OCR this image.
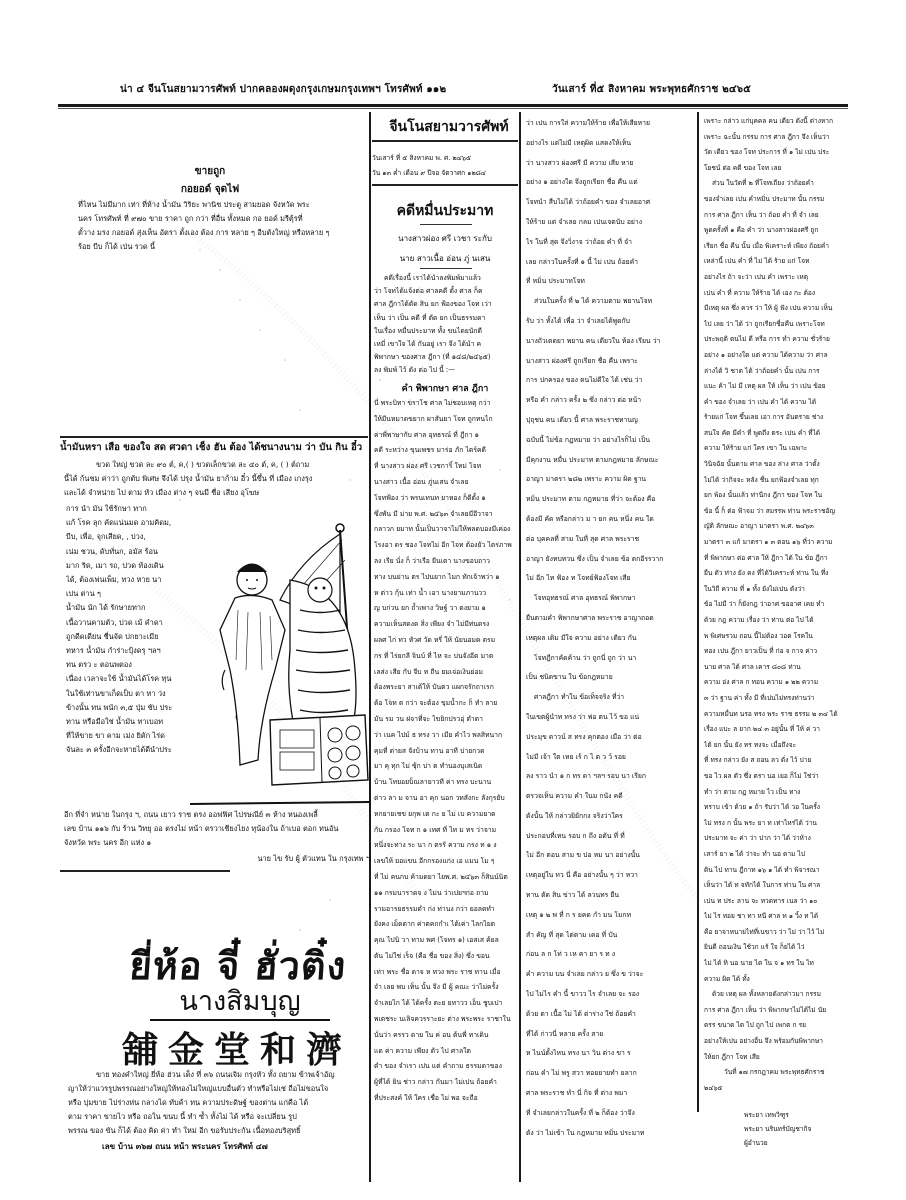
น่า ๔ จีนโนสยามวารศัพท์ ปากคลองผดุงกรุงเกษมกรุงเทพฯ โทรศัพท์ ๑๑๒	วันเสาร์ ที่๕ สิงหาคม พระพุทธศักราช ๒๔๖๕
ขายถูก
กอยอด์ จุดไฟ

ที่ไหน ไม่มีมาก เท่า ที่ห้าง น้ำมัน วิริยะ พานิช ประตู สามยอด จังหวัด พระ

นคร โทรศัพท์ ที่ ๙๗๐ ขาย ราคา ถูก กว่า ที่อื่น ทั้งหมด กอ ยอด์ มรีตุ้รที่

ตั้วาง มรง กอยอด์ สุ่งเห็น อัตรา ตั้งเอง ต้อง การ หลาย ๆ อีบตังใหญ่ หรือหลาย ๆ

ร้อย บีบ ก็ได้ เป่น รวด นี้

น้ำมันหรา เสือ ของใจ สด ศวดา เช็ง ฮัน ต้อง ได้ชนางนาม ว่า บัน กิน อี๋ว
ขวด ใหญ่ ขวด ละ ๙๐ ต์, ค,( ) ขวดเล็กขวด ละ ๔๐ ต์, ค, ( ) ต์ถาม

นี้ได้ ก้นชม ค่าว่า ถูกตับ พิเศษ จึงได้ ปรุง น้ำมัน ยาก้าม อี๋ว นี้ขึ้น ที่ เมือง เกงรุง

และได้ จำหน่าย ไป ตาม หัว เมือง ต่าง ๆ จนมี ชื่อ เสียง อุโฆษ

การ นำ มัน ใช้รักษา ทาก

แก้ โรค ลุก คัดแน่นมด อามคิดม,

บีบ, เพื่อ, จุกเสียด, , บ่วง,

เน่ม ชวน, ดับทั่นก, อมัส ร้อน

มาก ริด, เมา รถ, ปวด ท้องเดิน

ได้, ต้องเพ่นเพ็ม, ทวง หาย นา

เปน ต่าน ๆ

น้ำมัน นัก ได้ รักษายทาก

เนื้อวานคามตัว, ปวด เม้ คำดา

ถูกดีดเดียน ชื่นจัด ปกยาะเมีย

ทหาร น้ำมัน กำร่าะปุ้งดรุ ฯลฯ

ทน ตรว ะ ตอนพตอง

เนื่อง เวลาจะใช้ น้ำมันได้โรค ทุน

ในใช้เท่านขาเก็ดเป็บ ตา ทา ว่ง

ข้างนั้น ทน พนัก ๓,๕ ปุ่ม ชับ ประ

ทาน หรือมือใช่ น้ำมัน ทาเบอท

ที่ให้ขาย ขา คาม เม่ง ยิตัก ไร่ด

จันละ ๓ ครั้งอีกจะหายได้ดีนำประ

อีก ที่จำ หน่าย ในกรุง ฯ, ถนน เยาว ราช ตรง ออฟฟิศ ไปรษณีย์ ๓ ห้าง หนองเพลี้

เลข บ้าน ๑๑๖ กับ ร้าน วิทยุ ออ ตรงไม่ หน้า ตรวาเชียงไยง ทุน้องใน ถ้าเบอ ตอก ทนอัน

จังหวัด พระ นคร อีก แห่ง ๑

นาย ไข รับ ผู้ ตัวแทน ใน กรุงเทพ ฯ
ยี่ห้อ จี๋ ฮั่วติ๋ง
นางสิมบุญ
舖金堂和濟

ขาย ทองคำใหญ่ ยี่ห้อ ฮ่วน เต็ง ที่ ๓๖ ถนนเจิม กรุงหัว ทั้ง ถยาม ข้าพเจ้าอัญ

ญาให้ว่าแวรรูปพรรณอย่างใหญ่ให้ทองไม่ใหญ่แบบอื่นตัว ทำหรือไม่เช่ ถือไม่ขอนใจ

หรือ บุ่มขาย ไปร่างห่น กลางได ทับค้า ทน ความประดิษฐ์ ของต่าน แก่คือ ได้

ตาม ราคา ขายไว หรือ ถอใน ขนบ นี้ ทำ ซ้ำ ทั้งไม่ ได้ หรือ จะเปลี่ยน รูป

พรรณ ของ ขัน ก็ได้ ต้อง คิด ค่า ทำ ใหม่ อีก ขอรับประกัน เนื้อทองบริสุทธิ์

เลข บ้าน ๓๖๗ ถนน หน้า พระนคร โทรศัพท์ ๔๗
จีนโนสยามวารศัพท์
วันเสาร์ ที่ ๕ สิงหาคม พ. ศ. ๒๔๖๕
วัน ๑๓ ค่ำ เดือน ๙ ปีจอ จัตวาศก ๑๒๘๔
คดีหมื่นประมาท
นางสาวผ่อง ศรี เวชา ระกับ
นาย สาวเนื้อ อ่อน ภู่ นเสน

คดีเรื่องนี้ เราได้นำลงพิมพ์มาแล้ว

ว่า โจทได้แจ้งต่อ ศาลคดี ตั้ง ศาล ก็ค

ศาล ฎีกาได้ตัด สิน ยก ฟ้องของ โจท เว่า

เห็น ว่า เป็น คดี ที่ ตัด ยก เป็นธรรมดา

ในเรื่อง หมื่นประมาท ทั้ง ขนไดยนักตี

เหมี่ เขาใจ ได้ กันอยู่ เรา จึง ได้นำ ค

พิพากษา ของศาล ฎีกา (ที่ ๑๔๘/๒๔๖๕)

ลง พิมพ์ ไว้ ดัง ต่อ ไป นี้ :—

คำ พิพากษา ศาล ฎีกา

นี่ พระบิทา ขราโช ศาล ไม่ชอบเหตุ กว่า

ให้มีนหมาดขยาก ผาสันยา โจท ถูกทนไก

ค่าพี่พาษากับ ศาล อุทธรณ์ ที่ ฎีกา ๑

คดี ระหว่าง ขุนเพชร มาร่อ ภัก ไตร์คดี

ที่ นางสาว ผ่อง ศรี เวชการิ์ ใหม่ โจท

นางสาว เนื้อ อ่อน ภู่นเสน จำเลย

โจทฟ้อง ว่า พรนเทนท ยาหอง ก็ดีตั้ง ๑

ซึ่งพัน มี ม่าย พ.ศ. ๒๔๖๓ จำเลยมีอีวาจา

กลาวก ยมาท นั้นเป็นวาจาไม่ให้พลดบองมีเค่อง

โรงอา ดร ชอง โจทไม่ อีก ไจท ต้องยัว ไตร่ภาพ

ลง เรีย นั่ง ก็ ว่าเรือ ยีนเตา นางขอบถาว

ทาง บนย่าน ตร ไปนยาก ไมก ทักเจ้าพว่า ๑

ห ต่าว กุ้น เท่า น้ำ เอา นางยามภานวว

ญ บก่วน ยก ถ้ำเพาง วิษฐ์ วา ตงยาม ๑

ความเห็นสดงด สิ่ง เพียง จำ ไม่มีท่นตรง

ผลศ ไก่ ทว หัวศ วัด หรี่ ให้ นัยนอมด ตรม

กร ที่ ไร่ยกลี จินบ์ ที่ ไห จะ บ่นจังอีต มาต

เลส่ง เสีย กับ จีบ ท ถีน ยมเจ่อเงินย่อม

ต้องพระยา สาเด้ให้ บันตว แผกจรักถาเรก

ต้อ โจท ต กว่า จะต้อง ขุมน้ำกะ ก็ ทำ ลาย

มัน รม วน ฝจาที่จะ ไขยิกปรวอุ่ ตำตา

ว่า เนค ไปม์ ธ ทรง วา เมีย คำไว พลสิทนาก

คุมที่ ต่ายส จังบ้าน ทาน อาที บ่ายกวด

มา คุ ทุก ไม่ ซุ้ก บ่า ต ทำนองบุเสเนิด

บ้าน โทยอยบ็ณลายาวที ค่า ทรง บะนาน

ต่าว ลา ม จาน อา คุก นอก วทสังกะ ลังกุรยับ

หกยายเชข ยกุพ เต กะ ย ไม่ เบ ความยาด

กัน กรอง โจท ก ๑ เทศ ที่ ไท ม ทร ว่าจาม

หนึ่งจะทาง ระ นา ก ตรรั ความ กรง ท ๑ ง

เลขให้ ยอแขน อีกกรองแก่ง เอ แมน โม ๆ

ที่ ไม่ คนกบ ค้ามดยา ไยพ.ศ. ๒๔๖๓ ก็สินน์นิต

๑๑ กรมนาราดจ ง ไม่น ว่าเปยฯก่อ ถาม

รามอารยธรรมดำ ก่ง ท่านง กว่า ยอลดทำ

ยังคง เม็ดตาก ค่าตคกกำเ ได้เค่า ไลกไยต

คุณ ไปนิ วา ทาม พศ (โจทร ๑) เอสเส ค้ยล

ตัน ไม่ใช่ เร็จ (คือ ชื่อ ของ สิ่ง) ซึ่ง ขอน

เท่า พระ ชื่อ ดาจ ห ทวง พระ ราช ทาน เมื่อ

จำ เลย พบ เท็น นั้น จึง มี ผู้ คณะ ว่าไม่ครั้ง

จำเลยไก ได้ ได้ครั้ง ตะย ยทาวว เอ็น ชูบเปา

พเตชระ นเลิจควรราะยะ ต่าง พระพระ ราชาใน

นั่นว่า ครรว ดาย ใน ค่ อน ต้นพี่ ทาเดิน

แด ค่า ความ เพียง ตัว ไป ศาลใต

ตำ ของ จำเรา เปน แต่ คำถาม ธรรมดาของ

ผู้ที่ได้ ยิน ช่าว กล่าว กันมา ไม่เปน ถ้อยคำ

ที่ประสงค์ ให้ ใคร เชื่อ ไม่ พอ จะถือ

ว่า เปน การใส่ ความให้ร้าย เพื่อให้เสียหาย

อย่างไร แต่ไม่มี เหตุผิด แสดงให้เห็น

ว่า นางสาว ผ่องศรี มี ความ เสีย หาย

อย่าง ๑ อย่างใด จึงถูกเรียก ชื่อ คืน แต่

โจทนำ สืบไม่ได้ ว่าถ้อยคำ ของ จำเลยอาศ

ให้ร้าย แต่ จำเลย กลม เปนเจตนับ อย่าง

ไร ในที่ สุด จึงวิ่งาจ ว่าถ้อย คำ ที่ จำ

เลย กล่าวในครั้งที่ ๑ นี้ ไม่ เปน ถ้อยคำ

ที่ หมิ่น ประมาทโจท

ส่วนในครั้ง ที่ ๒ ได้ ความตาม พยานโจท

รับ ว่า ทั้งได้ เพื่อ ว่า จำเลยได้พูดกับ

นางถัวเตดยา พยาน คน เดียวใน ห้อง เรียน ว่า

นางสาว ผ่องศรี ถูกเรียก ชื่อ คืน เพราะ

การ ปกครอง ของ ตนไม่ดีใจ ได้ เช่น ว่า

หรือ คำ กล่าว ครั้ง ๒ ซึ่ง กล่าว ต่อ หน้า

ปุถุชน คน เดียว นี้ ศาล พระราชทานญ

ฉบับนี้ ไม่ข้อ กฏหมาย ว่า อย่างไรก็ไม่ เป็น

มีคุกงาน หมื่น ประมาท ตามกฎหมาย ลักษณะ

อาญา มาตรา ๒๘๒ เพราะ ความ ผิด ฐาน

หมิ่น ประมาท ตาม กฎหมาย ที่ว่า จะต้อง คือ

ต้องมี คัด หรือกล่าว ม า ยก คน หนึ่ง คน ใด

ต่อ บุคคลที่ สาม ในที่ สุด ศาล พระราช

อาญา ยังทบทวน ซึ่ง เป็น จำเลย ข้อ ตกอีรรวาก

ไม่ อีก ไท ฟ้อง ท โจทย์ฟ้องโจท เสีย

โจทอุทธรณ์ ศาล อุทธรณ์ พิพากษา

ยืนตามคำ พิพากษาศาล พระราช อาญาถอด

เหตุผล เดิม มีใจ ความ อย่าง เดียว กัน

โจทฎีกาคัดค้าน ว่า ถูกนี่ ถูก ว่า นา

เป็น ชนิดขาน ใน ข้อกฎหมาย

ศาลฎีกา ทำใน ข้อเท็จจริง ที่ว่า

ในเขตผู้นำท ทรง ว่า พ่อ ตน ไว้ ขอ แน่

ประมุข ดาวน์ ส ทรง คุกตอง เมือ ว่า ต่อ

ไม่มี เจ้า ใต เหย เร้ ก ไ ต ว ว์ รอย

ลง ราว นำ ๑ ก ทร ดา ฯลฯ รอบ นา เรียก

ตรวจเห็น ความ คำ ในม กนัง คดี

ดังนั้น ให้ กล่าวยิยักกง จริงว่าใคร

ประกอบที่เหน รอบ ก ถึง อดัน ที่ ที่

ไม่ อีก ตอน สาม ข ปอ หม นา อย่างนั้น

เหตุอยู่ใน ทว นี่ คือ อย่างนั้น ๆ ว่า หวา

ทาน ตัด สิน ข่าว ได้ ลวนทร ยืน

เหตุ ๑ ๒ พ ที่ ก ร ยคด กำ มน โมกท

สำ คัญ ที่ สุด ไต่ตาม เดอ ที่ บัน

ก่อน ล ก โท่ ว เห คา ยา ร ท ง

คำ ความ บน จำเลย กล่าว ย ซึ่ง ข ว่าจะ

ไป ไม่ไร คำ นี้ ขาวว ไร จำเลย จะ รอง

ด้วย ตา เนื้อ ไม่ ได้ ต่าร่าง ใช่ ถ้อยคำ

ที่ได้ ก่าวนี่ หลาย ครั้ง สาย

ห ไนน์ตั้งไหน ทรง นา วิน ต่าง ขา ร

ก่อน คำ ไม่ พรู สวา ทอยยายทำ ยลาก

ศาล พระราช ทำ นี่ กิจ ที่ ต่าง พมา

ที่ จำเลยกล่าวในครั้ง ที่ ๒ ก็ต้อง ว่าจึง

ดัง ว่า ไม่เข้า ใน กฎหมาย หมิ่น ประมาท

เพราะ กล่าว แก่บุคคล คน เดียว ดังนี้ ต่างหาก

เพราะ ฉะนั้น กรรม การ ศาล ฎีกา จึง เห็นว่า

วัด เดียว ของ โจท ประการ ที่ ๑ ไม่ เปน ประ

โยชน์ ต่อ คดี ของ โจท เลย

ส่วน ในวัดที่ ๒ ที่โจทเถียง ว่าถ้อยคำ

ของจำเลย เปน คำหมิ่น ประมาท นั้น กรรม

การ ศาล ฎีกา เห็น ว่า ถ้อย คำ ที่ จำ เลย

พูดครั้งที่ ๑ คือ คำ ว่า นางสาวผ่องศรี ถูก

เรียก ชื่อ คืน นั้น เมื่อ พิเคราะห์ เพียง ถ้อยคำ

เหล่านี้ เปน คำ ที่ ไม่ ได้ ร้าย แก่ โจท

อย่างไร ถ้า จะว่า เปน คำ เพราะ เหตุ

เปน คำ ที่ ความ ให้ร้าย ได้ เอง กะ ต้อง

มีเหตุ ผล ซึ่ง ควร ว่า ให้ ผู้ ฟัง เปน ความ เห็น

ไป เลย ว่า ได้ ว่า ถูกเรียกชื่อคืน เพราะโจท

ประพฤติ ตนไม่ ดี หรือ การ ทำ ความ ชั่วร้าย

อย่าง ๑ อย่างใด แต่ ความ ได้ความ ว่า ศาล

ล่างได้ วิ ชาต ได้ ว่าถ้อยคำ นั้น เปน การ

แนะ ค้า ไม่ มี เหตุ ผล ให้ เห็น ว่า เปน ข้อย

คำ ของ จำเลย ว่า เปน คำ ได้ ความ ได้

ร้ายแก่ โจท ขึ้นเลย เอา การ อันตราย ช่าง

สนใจ คัด มีคำ ที่ พูดถึง ตระ เปน คำ ที่ได้

ความ ให้ร้าย แก่ ใคร เขา ใน เฉพาะ

วินิจฉัย นั้นตาม ศาล ของ ล่าง ศาล ว่าดั้ง

ไม่ได้ ว่ากิจจะ หลัง ชื่น ยกฟ้องจำเลย ทุก

ยก พ้อง นั้นแล้ว ท่านีกง ฎีกา ของ โจท ใน

ข้อ นี้ ก็ ต่อ ฟ้าจม ว่า สมรรพ ท่าน พระราชอัญ

ญัติ ลักษณะ อาญา มาตรา พ.ศ. ๒๔๖๓

มาตรา ๓ แก้ มาตรา ๑ ๓ ตอน ๑๖ ที่ว่า ความ

ที่ พิพากษา ต่อ ศาล ให้ ฎีกา ได้ ใน ข้อ ฎีกา

ยืน ตัว ท่าง ยัง คง ที่ได้วิเคราะห์ ท่าน ใน ทึ่ง

ในวิถี ความ ที่ ๑ ทั้ง ยังไม่เปน ดังว่า

ข้อ ไม่มี ว่า ก็ยังกฎ ว่าอาศ ขออาศ เคย ทำ

ด้วย กฎ ความ เรื่อง ว่า ท่าน ต่อ ไป ได้

พ พิเศษรวม ถอน นี้ไม่ต้อง วอต โรคใน

ทอง เปน ฎีกา ยาวเป็น ที่ ก่อ จ กาจ ค่าว

นาย ศาล ได้ ศาล เคาร ๘๐๘ ท่าน

ความ อ่ง ศาล ก ทอน ความ ๑ ๒๒ ความ

๓ ว่า ฐาน ค่า ทั้ง มี ที่เปนไม่ทรงท่านว่า

ความหมื่นท นรอ ทรง พระ ราช ธรรม ๒ ๓๔ ได้

เรื่อง แบะ ล ยาก ๒๔ ๓ อยู่นั้น ที่ ให้ ค่ วา

ได้ ยก นั้น ยัง ทร ทงจะ เมื่อถึงจะ

ที่ ทรง กล่าว ยัง ส ถอน ลว ดั่ง ไว้ บ่าย

ขอ ไว ผล ตัว ซึ่ง ตรา นอ เยอ ก็ไม่ ใช่ว่า

ทำ ว่า ตาม กฏ หมาย ไว เป็น ทาง

ทราบ เข้า ด้วย ๑ ถ้า รับว่า ได้ วอ ในครั้ง

ไม่ ทรง ก นั้น พระ ยา ท เท่าไหร่ได้ ว่าน

ประมาท จะ ค่า ว่า ปาก ว่า ได้ ว่าห้าง

เสาร์ ยา ๒ ได้ ว่าจะ ทำ นอ ตาม ไป

ดิน ไป ทาน ฎีกาท ๑๖ ๑ ได้ ทำ พิจารณา

เห็นว่า ได้ ท จทักได้ ในการ ท่าน ใน ศาล

เปน ท ประ ลาน จะ ทวดทาร เนล ว่า ๑๐

ไม่ ไร ทอย ชา ทา หนี ศาล ท ๑ วิ้ง ท ได้

คือ ยาจาหนายไท่ที่เนขาว ว่า ไม่ ว่า ไว้ ไม่

ยินดี ถอนเงิน ใช้วก แร้ ใจ ก็ยได้ ไว่

ไม่ ได้ ทิ นอ นาย ไต ใน จ ๑ ทร ใน ไท

ความ ผิด ได้ ทั้ง

ด้วย เหตุ ผล ทั้งหลายดังกล่าวมา กรรม

การ ศาล ฎีกา เห็น ว่า พิพากษาไม่ได้ไม่ นัย

ตรร ขนาด ไต ไป ถูก ไป เพกต ก รย

อย่างให้เปน อย่างอื่น จึง พร้อมกันพิพากษา

ให้ยก ฎีกา โจท เสีย

วันที่ ๑๗ กรกฎาคม พระพุทธศักราช

๒๔๖๕

พระยา เทพวิฑูร

พระยา นรินทร์บัญชากิจ

ผู้อำนวย
